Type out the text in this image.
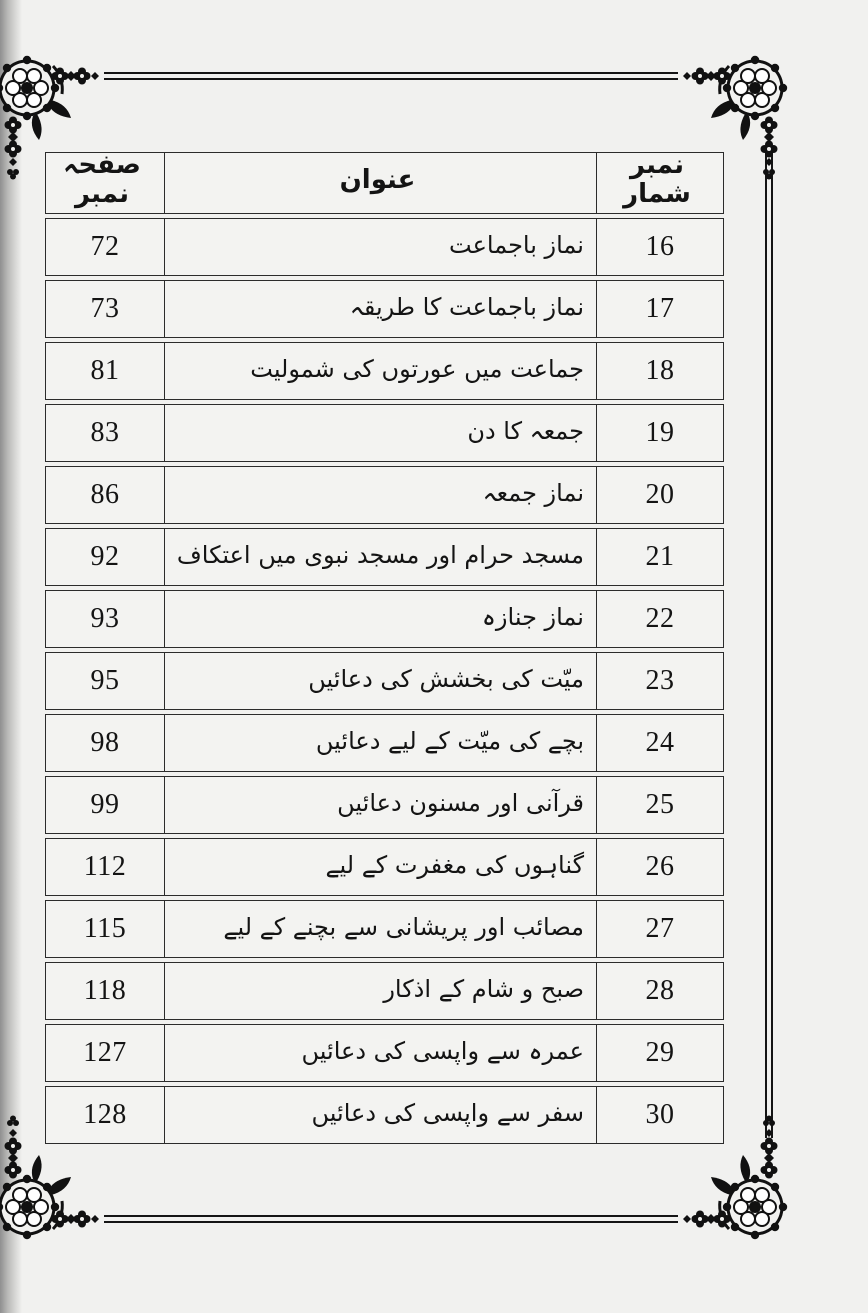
صفحہ نمبر	عنوان	نمبر شمار
72	نماز باجماعت	16
73	نماز باجماعت کا طریقہ	17
81	جماعت میں عورتوں کی شمولیت	18
83	جمعہ کا دن	19
86	نماز جمعہ	20
92	مسجد حرام اور مسجد نبوی میں اعتکاف	21
93	نماز جنازہ	22
95	میّت کی بخشش کی دعائیں	23
98	بچے کی میّت کے لیے دعائیں	24
99	قرآنی اور مسنون دعائیں	25
112	گناہوں کی مغفرت کے لیے	26
115	مصائب اور پریشانی سے بچنے کے لیے	27
118	صبح و شام کے اذکار	28
127	عمرہ سے واپسی کی دعائیں	29
128	سفر سے واپسی کی دعائیں	30
